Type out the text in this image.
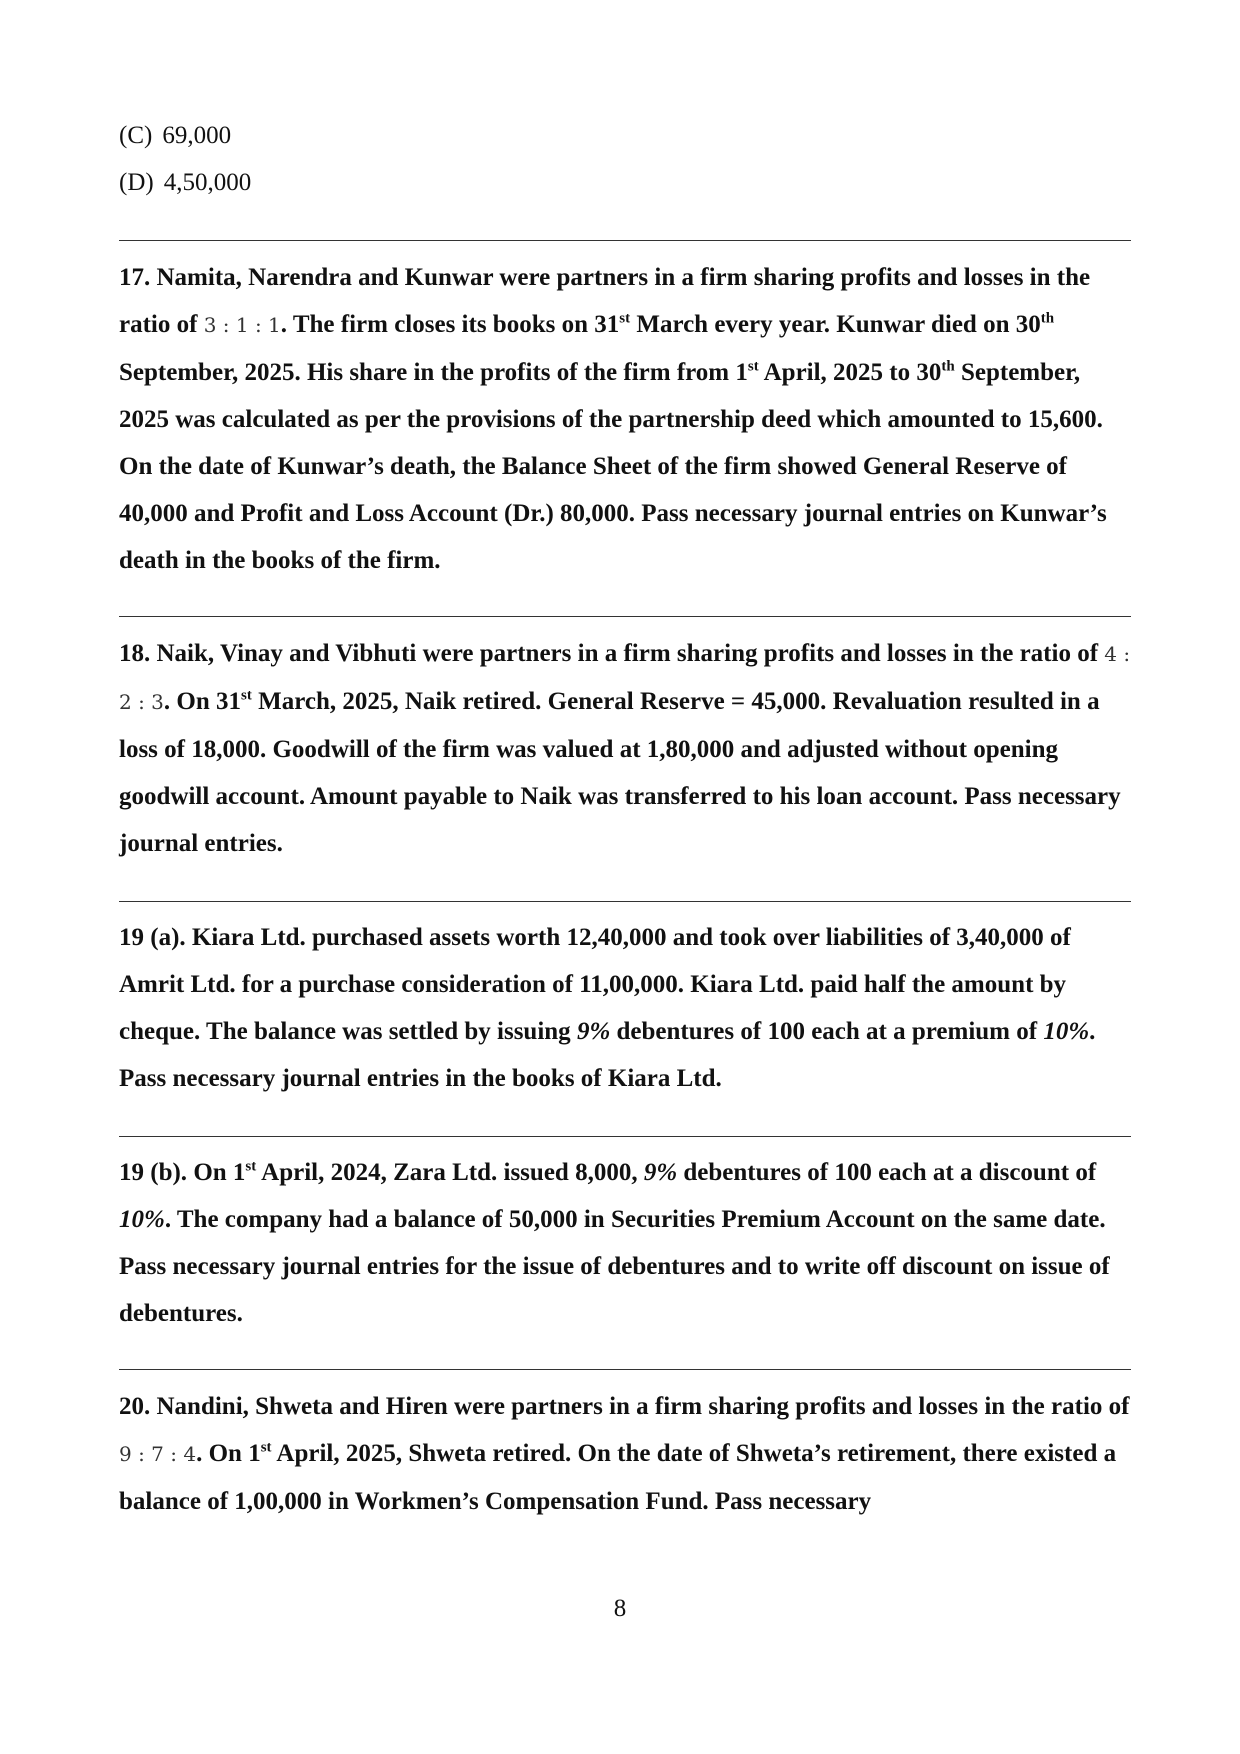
(C) 69,000

(D) 4,50,000

17. Namita, Narendra and Kunwar were partners in a firm sharing profits and losses in the ratio of 3 : 1 : 1. The firm closes its books on 31st March every year. Kunwar died on 30th September, 2025. His share in the profits of the firm from 1st April, 2025 to 30th September, 2025 was calculated as per the provisions of the partnership deed which amounted to 15,600. On the date of Kunwar’s death, the Balance Sheet of the firm showed General Reserve of 40,000 and Profit and Loss Account (Dr.) 80,000. Pass necessary journal entries on Kunwar’s death in the books of the firm.

18. Naik, Vinay and Vibhuti were partners in a firm sharing profits and losses in the ratio of 4 : 2 : 3. On 31st March, 2025, Naik retired. General Reserve = 45,000. Revaluation resulted in a loss of 18,000. Goodwill of the firm was valued at 1,80,000 and adjusted without opening goodwill account. Amount payable to Naik was transferred to his loan account. Pass necessary journal entries.

19 (a). Kiara Ltd. purchased assets worth 12,40,000 and took over liabilities of 3,40,000 of Amrit Ltd. for a purchase consideration of 11,00,000. Kiara Ltd. paid half the amount by cheque. The balance was settled by issuing 9% debentures of 100 each at a premium of 10%. Pass necessary journal entries in the books of Kiara Ltd.

19 (b). On 1st April, 2024, Zara Ltd. issued 8,000, 9% debentures of 100 each at a discount of 10%. The company had a balance of 50,000 in Securities Premium Account on the same date. Pass necessary journal entries for the issue of debentures and to write off discount on issue of debentures.

20. Nandini, Shweta and Hiren were partners in a firm sharing profits and losses in the ratio of 9 : 7 : 4. On 1st April, 2025, Shweta retired. On the date of Shweta’s retirement, there existed a balance of 1,00,000 in Workmen’s Compensation Fund. Pass necessary

8
